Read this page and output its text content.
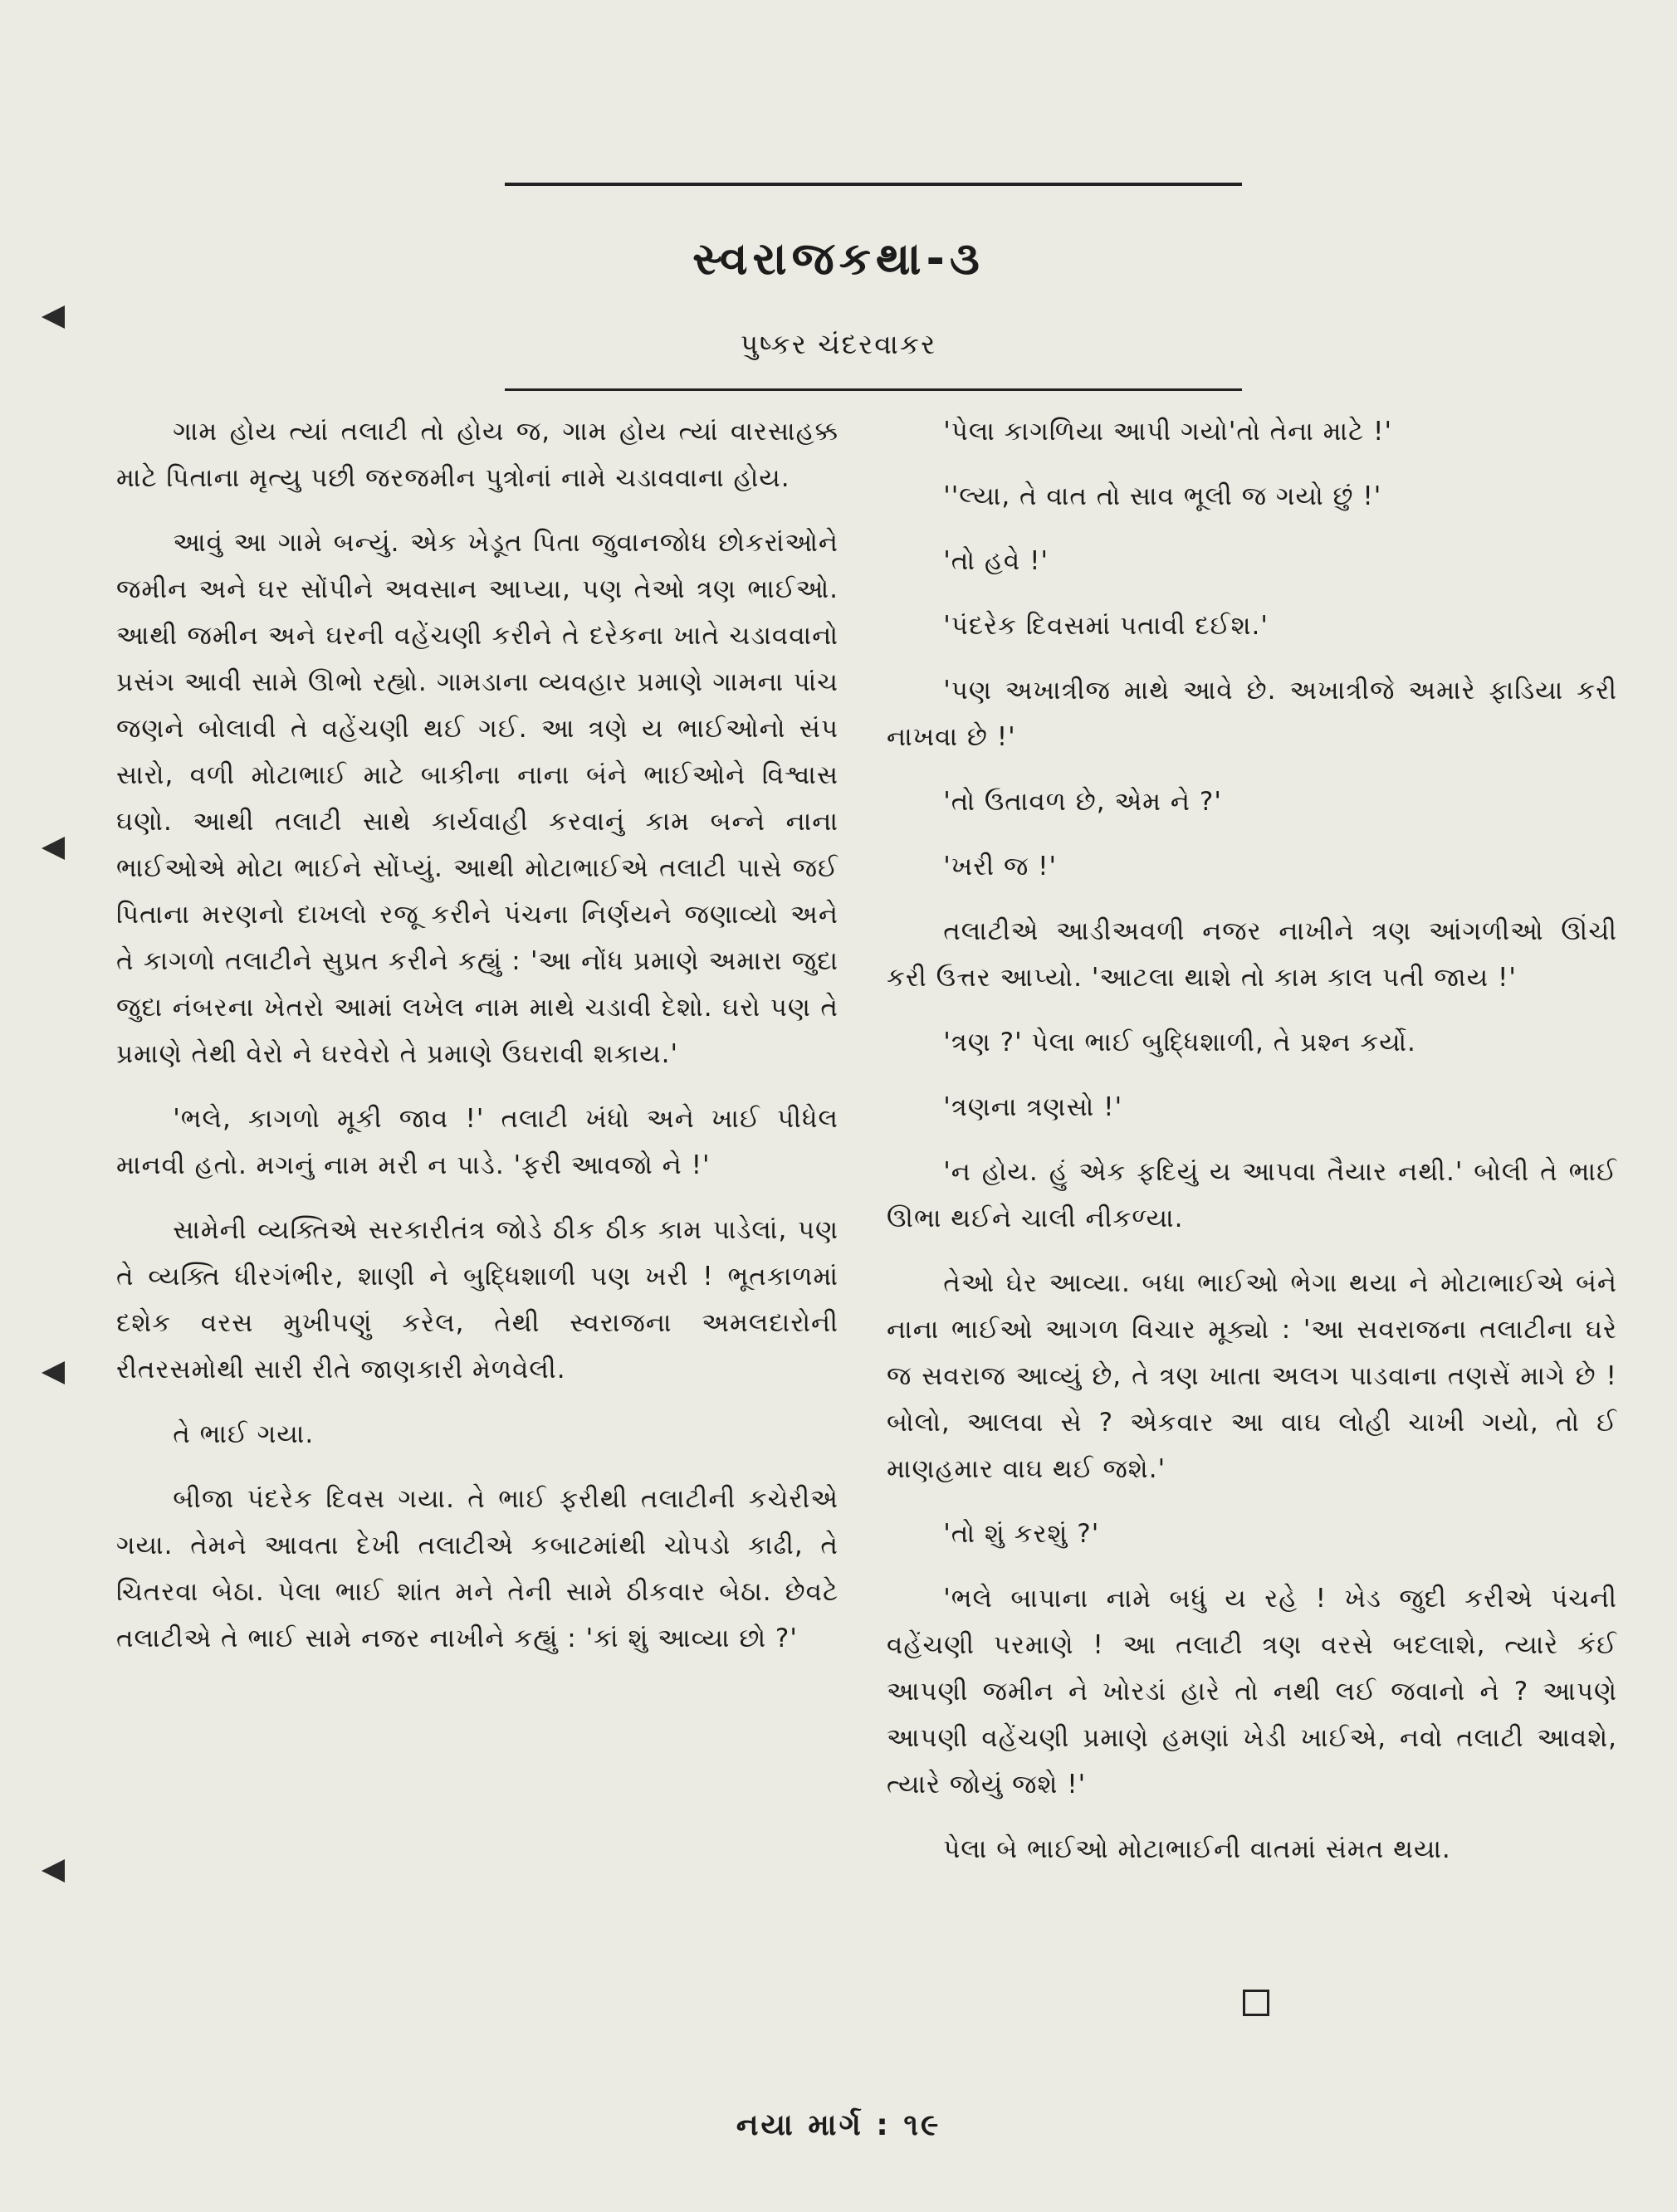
સ્વરાજકથા-૩
પુષ્કર ચંદરવાકર

ગામ હોય ત્યાં તલાટી તો હોય જ, ગામ હોય ત્યાં વારસાહક્ક માટે પિતાના મૃત્યુ પછી જરજમીન પુત્રોનાં નામે ચડાવવાના હોય.

આવું આ ગામે બન્યું. એક ખેડૂત પિતા જુવાનજોધ છોકરાંઓને જમીન અને ઘર સોંપીને અવસાન આપ્યા, પણ તેઓ ત્રણ ભાઈઓ. આથી જમીન અને ઘરની વહેંચણી કરીને તે દરેકના ખાતે ચડાવવાનો પ્રસંગ આવી સામે ઊભો રહ્યો. ગામડાના વ્યવહાર પ્રમાણે ગામના પાંચ જણને બોલાવી તે વહેંચણી થઈ ગઈ. આ ત્રણે ય ભાઈઓનો સંપ સારો, વળી મોટાભાઈ માટે બાકીના નાના બંને ભાઈઓને વિશ્વાસ ઘણો. આથી તલાટી સાથે કાર્યવાહી કરવાનું કામ બન્ને નાના ભાઈઓએ મોટા ભાઈને સોંપ્યું. આથી મોટાભાઈએ તલાટી પાસે જઈ પિતાના મરણનો દાખલો રજૂ કરીને પંચના નિર્ણયને જણાવ્યો અને તે કાગળો તલાટીને સુપ્રત કરીને કહ્યું : 'આ નોંધ પ્રમાણે અમારા જુદા જુદા નંબરના ખેતરો આમાં લખેલ નામ માથે ચડાવી દેશો. ઘરો પણ તે પ્રમાણે તેથી વેરો ને ઘરવેરો તે પ્રમાણે ઉઘરાવી શકાય.'

'ભલે, કાગળો મૂકી જાવ !' તલાટી ખંધો અને ખાઈ પીધેલ માનવી હતો. મગનું નામ મરી ન પાડે. 'ફરી આવજો ને !'

સામેની વ્યક્તિએ સરકારીતંત્ર જોડે ઠીક ઠીક કામ પાડેલાં, પણ તે વ્યક્તિ ધીરગંભીર, શાણી ને બુદ્ધિશાળી પણ ખરી ! ભૂતકાળમાં દશેક વરસ મુખીપણું કરેલ, તેથી સ્વરાજના અમલદારોની રીતરસમોથી સારી રીતે જાણકારી મેળવેલી.

તે ભાઈ ગયા.

બીજા પંદરેક દિવસ ગયા. તે ભાઈ ફરીથી તલાટીની કચેરીએ ગયા. તેમને આવતા દેખી તલાટીએ કબાટમાંથી ચોપડો કાઢી, તે ચિતરવા બેઠા. પેલા ભાઈ શાંત મને તેની સામે ઠીકવાર બેઠા. છેવટે તલાટીએ તે ભાઈ સામે નજર નાખીને કહ્યું : 'કાં શું આવ્યા છો ?'

'પેલા કાગળિયા આપી ગયો'તો તેના માટે !'

''લ્યા, તે વાત તો સાવ ભૂલી જ ગયો છું !'

'તો હવે !'

'પંદરેક દિવસમાં પતાવી દઈશ.'

'પણ અખાત્રીજ માથે આવે છે. અખાત્રીજે અમારે ફાડિયા કરી નાખવા છે !'

'તો ઉતાવળ છે, એમ ને ?'

'ખરી જ !'

તલાટીએ આડીઅવળી નજર નાખીને ત્રણ આંગળીઓ ઊંચી કરી ઉત્તર આપ્યો. 'આટલા થાશે તો કામ કાલ પતી જાય !'

'ત્રણ ?' પેલા ભાઈ બુદ્ધિશાળી, તે પ્રશ્ન કર્યો.

'ત્રણના ત્રણસો !'

'ન હોય. હું એક ફદિયું ય આપવા તૈયાર નથી.' બોલી તે ભાઈ ઊભા થઈને ચાલી નીકળ્યા.

તેઓ ઘેર આવ્યા. બધા ભાઈઓ ભેગા થયા ને મોટાભાઈએ બંને નાના ભાઈઓ આગળ વિચાર મૂક્યો : 'આ સવરાજના તલાટીના ઘરે જ સવરાજ આવ્યું છે, તે ત્રણ ખાતા અલગ પાડવાના તણસેં માગે છે ! બોલો, આલવા સે ? એકવાર આ વાઘ લોહી ચાખી ગયો, તો ઈ માણહમાર વાઘ થઈ જશે.'

'તો શું કરશું ?'

'ભલે બાપાના નામે બધું ય રહે ! ખેડ જુદી કરીએ પંચની વહેંચણી પરમાણે ! આ તલાટી ત્રણ વરસે બદલાશે, ત્યારે કંઈ આપણી જમીન ને ખોરડાં હારે તો નથી લઈ જવાનો ને ? આપણે આપણી વહેંચણી પ્રમાણે હમણાં ખેડી ખાઈએ, નવો તલાટી આવશે, ત્યારે જોયું જશે !'

પેલા બે ભાઈઓ મોટાભાઈની વાતમાં સંમત થયા.

નયા માર્ગ : ૧૯
